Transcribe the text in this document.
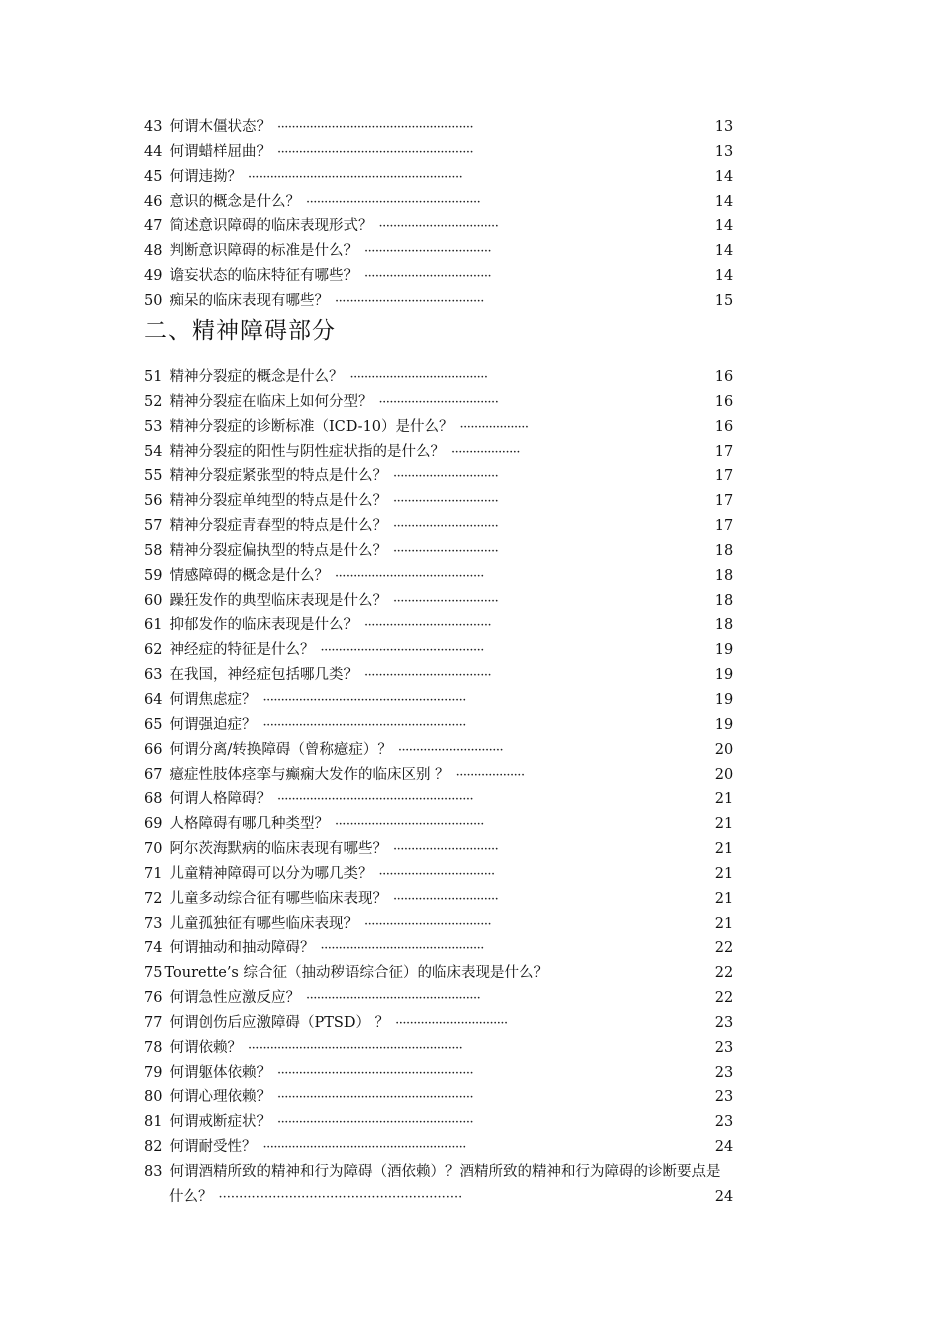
43 何谓木僵状态？ ······················································	13
44 何谓蜡样屈曲？ ······················································	13
45 何谓违拗？ ···························································	14
46 意识的概念是什么？ ················································	14
47 简述意识障碍的临床表现形式？ ·································	14
48 判断意识障碍的标准是什么？ ···································	14
49 谵妄状态的临床特征有哪些？ ···································	14
50 痴呆的临床表现有哪些？ ·········································	15
二、精神障碍部分
51 精神分裂症的概念是什么？ ······································	16
52 精神分裂症在临床上如何分型？ ·································	16
53 精神分裂症的诊断标准（ICD-10）是什么？ ···················	16
54 精神分裂症的阳性与阴性症状指的是什么？ ···················	17
55 精神分裂症紧张型的特点是什么？ ·····························	17
56 精神分裂症单纯型的特点是什么？ ·····························	17
57 精神分裂症青春型的特点是什么？ ·····························	17
58 精神分裂症偏执型的特点是什么？ ·····························	18
59 情感障碍的概念是什么？ ·········································	18
60 躁狂发作的典型临床表现是什么？ ·····························	18
61 抑郁发作的临床表现是什么？ ···································	18
62 神经症的特征是什么？ ·············································	19
63 在我国，神经症包括哪几类？ ···································	19
64 何谓焦虑症？ ························································	19
65 何谓强迫症？ ························································	19
66 何谓分离/转换障碍（曾称癔症）？ ·····························	20
67 癔症性肢体痉挛与癫痫大发作的临床区别 ？ ···················	20
68 何谓人格障碍？ ······················································	21
69 人格障碍有哪几种类型？ ·········································	21
70 阿尔茨海默病的临床表现有哪些？ ·····························	21
71 儿童精神障碍可以分为哪几类？ ································	21
72 儿童多动综合征有哪些临床表现？ ·····························	21
73 儿童孤独征有哪些临床表现？ ···································	21
74 何谓抽动和抽动障碍？ ·············································	22
75 Tourette’s 综合征（抽动秽语综合征）的临床表现是什么？	22
76 何谓急性应激反应？ ················································	22
77 何谓创伤后应激障碍（PTSD） ？ ·······························	23
78 何谓依赖？ ···························································	23
79 何谓躯体依赖？ ······················································	23
80 何谓心理依赖？ ······················································	23
81 何谓戒断症状？ ······················································	23
82 何谓耐受性？ ························································	24
83 何谓酒精所致的精神和行为障碍（酒依赖）？酒精所致的精神和行为障碍的诊断要点是
什么？ ···························································	24
